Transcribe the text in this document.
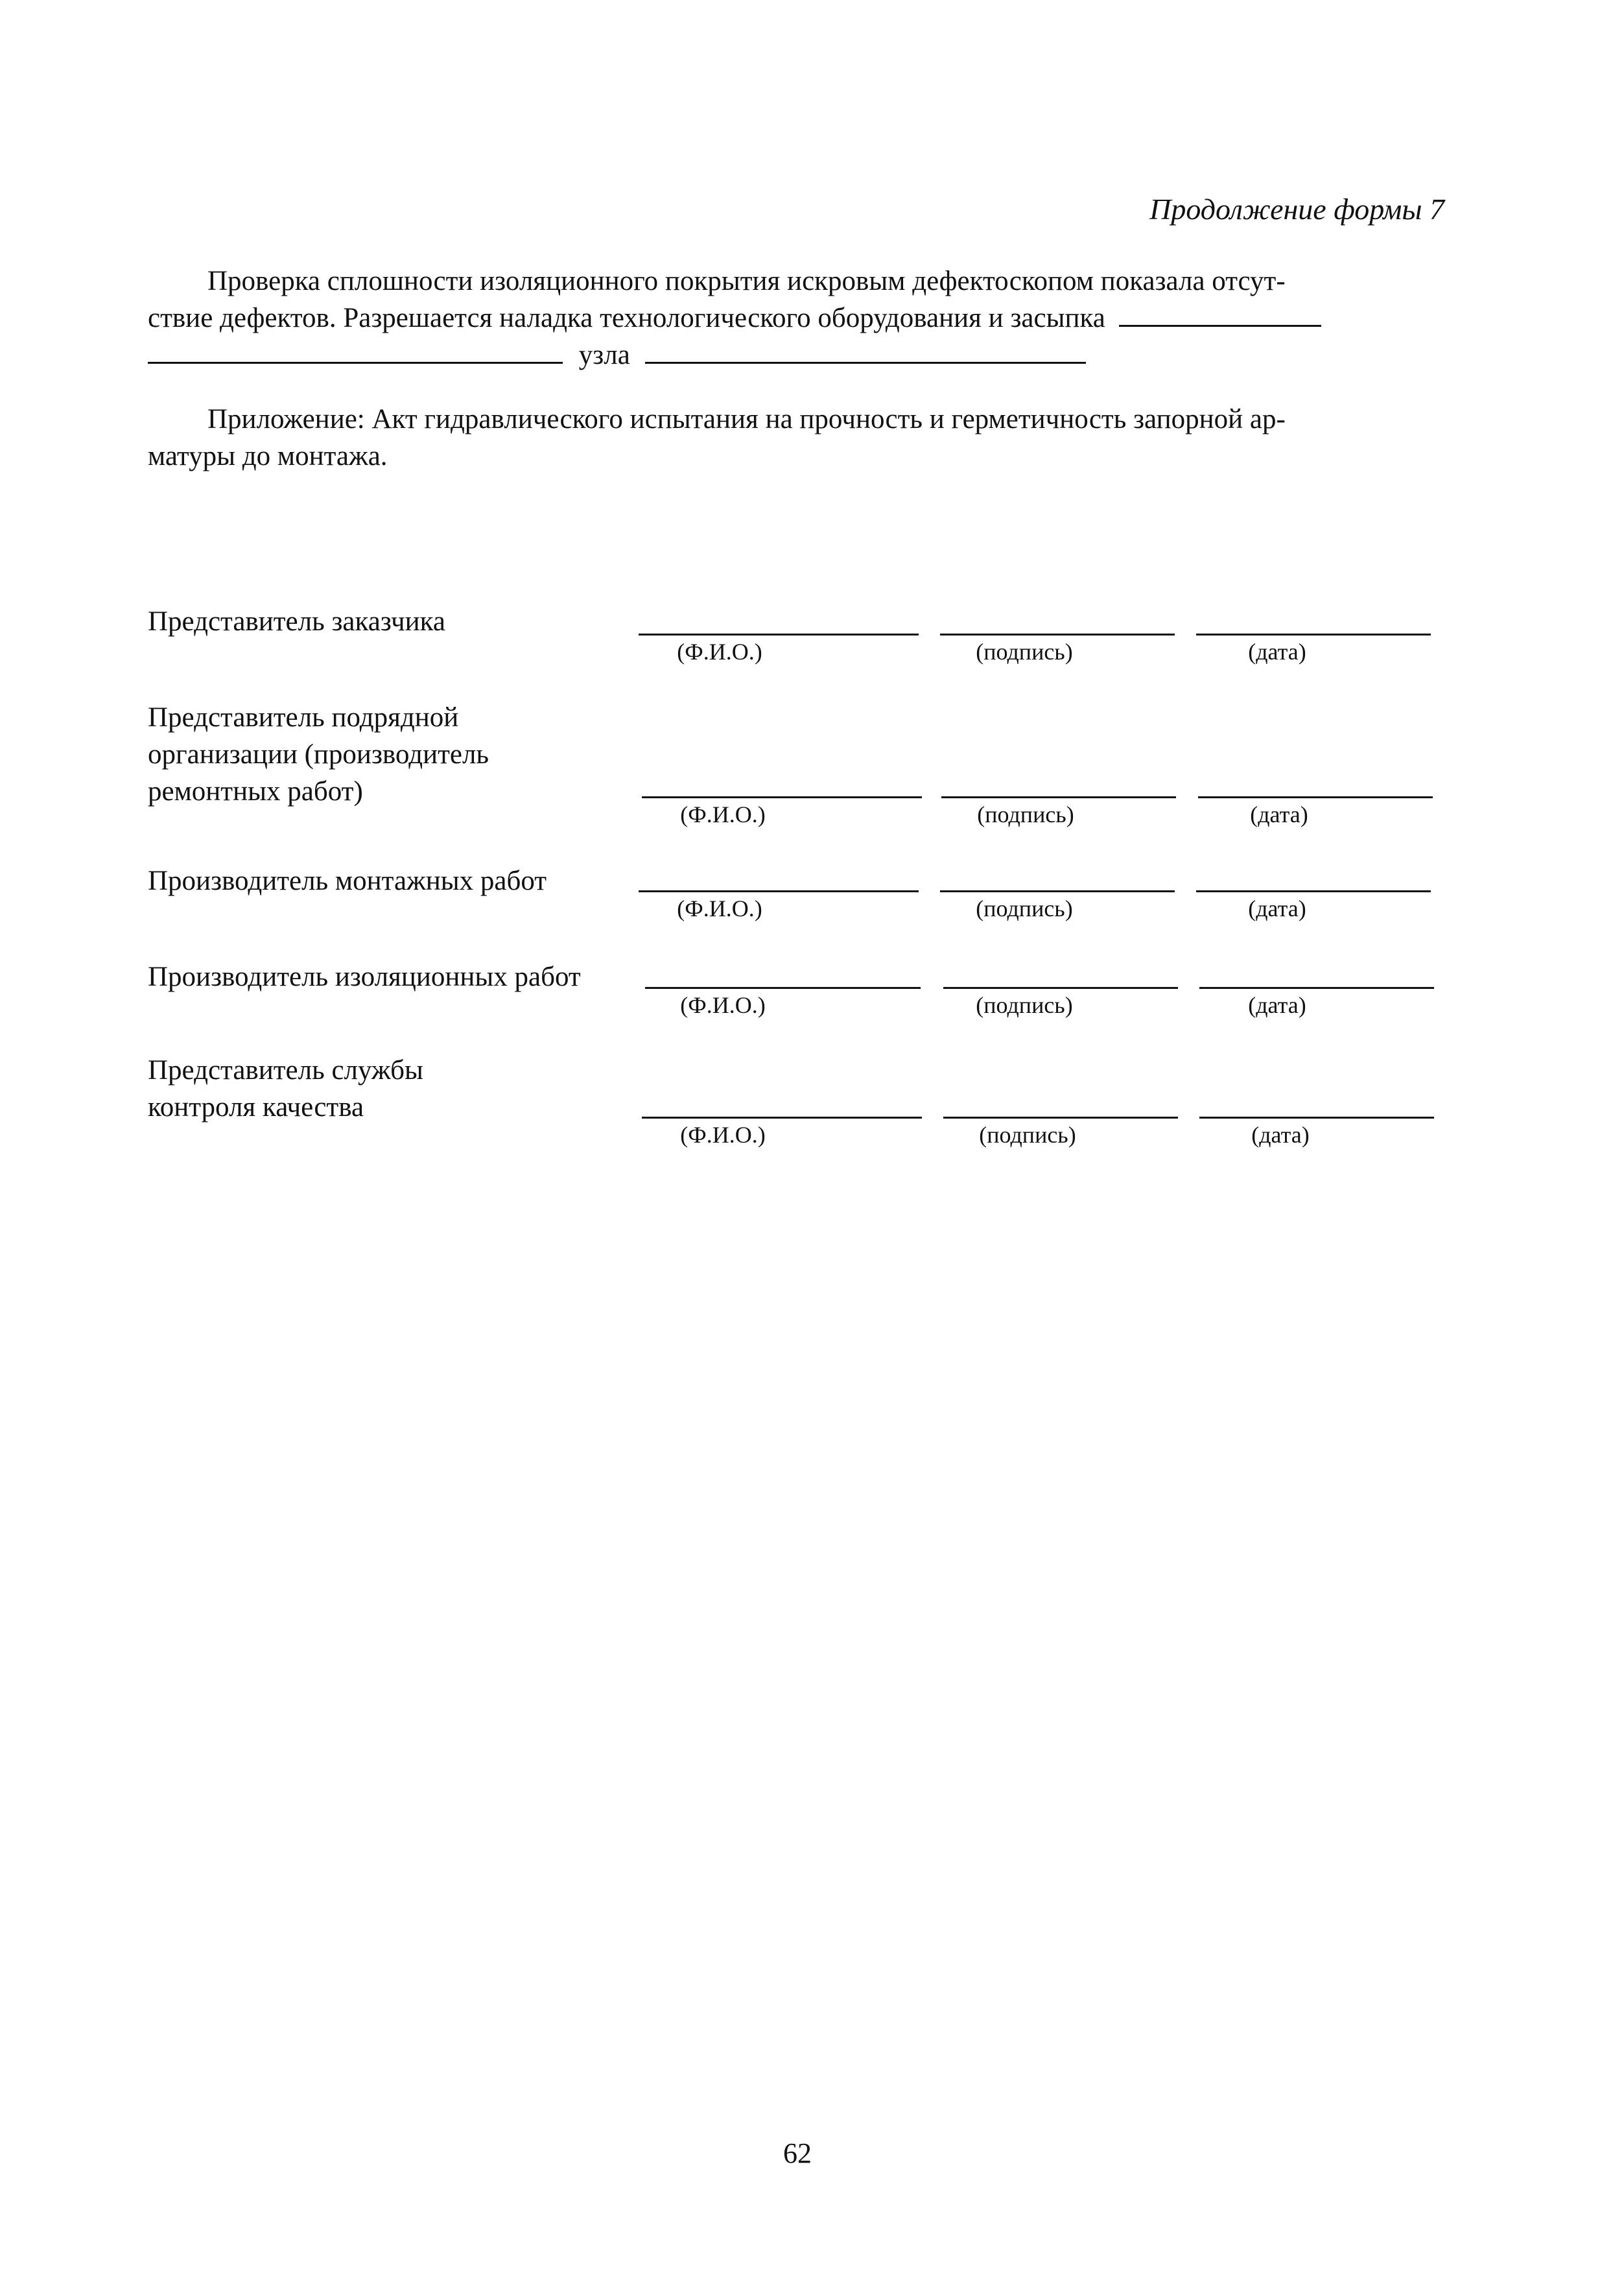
Продолжение формы 7
Проверка сплошности изоляционного покрытия искровым дефектоскопом показала отсут-
ствие дефектов. Разрешается наладка технологического оборудования и засыпка
узла
Приложение: Акт гидравлического испытания на прочность и герметичность запорной ар-
матуры до монтажа.
Представитель заказчика
(Ф.И.О.)	(подпись)	(дата)
Представитель подрядной
организации (производитель
ремонтных работ)
(Ф.И.О.)	(подпись)	(дата)
Производитель монтажных работ
(Ф.И.О.)	(подпись)	(дата)
Производитель изоляционных работ
(Ф.И.О.)	(подпись)	(дата)
Представитель службы
контроля качества
(Ф.И.О.)	(подпись)	(дата)
62
